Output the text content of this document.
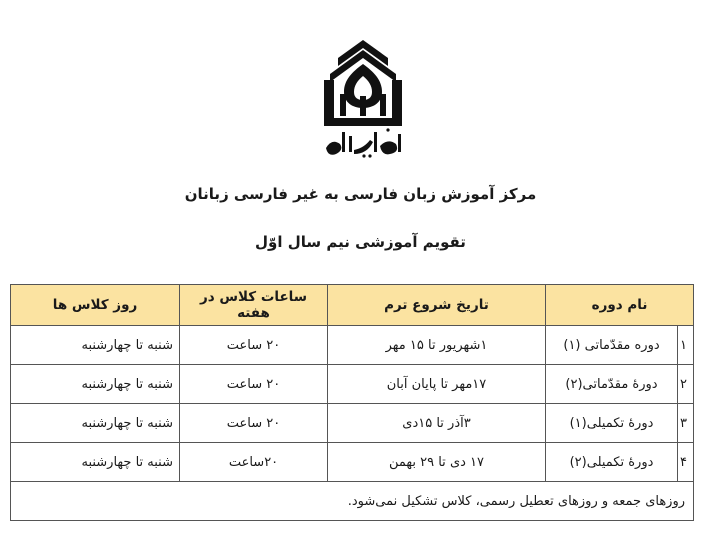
مرکز آموزش زبان فارسی به غیر فارسی زبانان
تقویم آموزشی نیم سال اوّل
نام دوره		تاریخ شروع ترم	ساعات کلاس در هفته	روز کلاس ها
۱	دوره مقدّماتی (۱)	۱شهریور تا ۱۵ مهر	۲۰ ساعت	شنبه تا چهارشنبه
۲	دورۀ مقدّماتی(۲)	۱۷مهر تا پایان آبان	۲۰ ساعت	شنبه تا چهارشنبه
۳	دورۀ تکمیلی(۱)	۳آذر تا ۱۵دی	۲۰ ساعت	شنبه تا چهارشنبه
۴	دورۀ تکمیلی(۲)	۱۷ دی تا ۲۹ بهمن	۲۰ساعت	شنبه تا چهارشنبه
روزهای جمعه و روزهای تعطیل رسمی، کلاس تشکیل نمی‌شود.				
